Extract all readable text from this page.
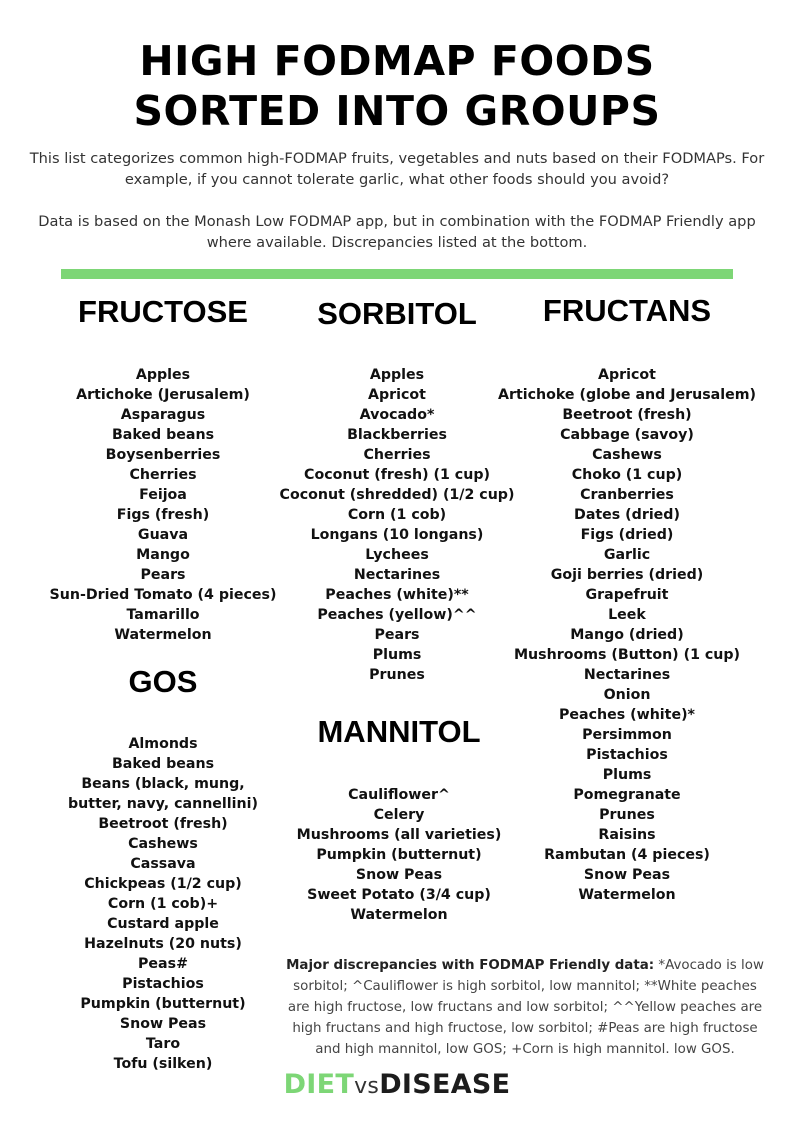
HIGH FODMAP FOODS
SORTED INTO GROUPS

This list categorizes common high-FODMAP fruits, vegetables and nuts based on their FODMAPs. For example, if you cannot tolerate garlic, what other foods should you avoid?

Data is based on the Monash Low FODMAP app, but in combination with the FODMAP Friendly app where available. Discrepancies listed at the bottom.

FRUCTOSE
Apples
Artichoke (Jerusalem)
Asparagus
Baked beans
Boysenberries
Cherries
Feijoa
Figs (fresh)
Guava
Mango
Pears
Sun-Dried Tomato (4 pieces)
Tamarillo
Watermelon
GOS
Almonds
Baked beans
Beans (black, mung, butter, navy, cannellini)
Beetroot (fresh)
Cashews
Cassava
Chickpeas (1/2 cup)
Corn (1 cob)+
Custard apple
Hazelnuts (20 nuts)
Peas#
Pistachios
Pumpkin (butternut)
Snow Peas
Taro
Tofu (silken)
SORBITOL
Apples
Apricot
Avocado*
Blackberries
Cherries
Coconut (fresh) (1 cup)
Coconut (shredded) (1/2 cup)
Corn (1 cob)
Longans (10 longans)
Lychees
Nectarines
Peaches (white)**
Peaches (yellow)^^
Pears
Plums
Prunes
MANNITOL
Cauliflower^
Celery
Mushrooms (all varieties)
Pumpkin (butternut)
Snow Peas
Sweet Potato (3/4 cup)
Watermelon
FRUCTANS
Apricot
Artichoke (globe and Jerusalem)
Beetroot (fresh)
Cabbage (savoy)
Cashews
Choko (1 cup)
Cranberries
Dates (dried)
Figs (dried)
Garlic
Goji berries (dried)
Grapefruit
Leek
Mango (dried)
Mushrooms (Button) (1 cup)
Nectarines
Onion
Peaches (white)*
Persimmon
Pistachios
Plums
Pomegranate
Prunes
Raisins
Rambutan (4 pieces)
Snow Peas
Watermelon
Major discrepancies with FODMAP Friendly data: *Avocado is low sorbitol; ^Cauliflower is high sorbitol, low mannitol; **White peaches are high fructose, low fructans and low sorbitol; ^^Yellow peaches are high fructans and high fructose, low sorbitol; #Peas are high fructose and high mannitol, low GOS; +Corn is high mannitol. low GOS.
DIETvsDISEASE
